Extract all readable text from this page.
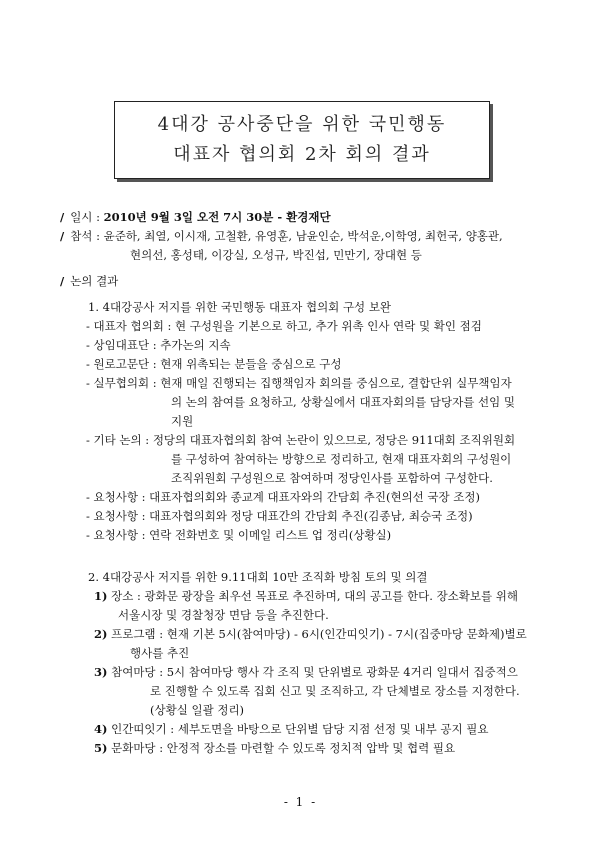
4대강 공사중단을 위한 국민행동
대표자 협의회 2차 회의 결과
/ 일시 : 2010년 9월 3일 오전 7시 30분 - 환경재단
/ 참석 : 윤준하, 최열, 이시재, 고철환, 유영훈, 남윤인순, 박석운,이학영, 최헌국, 양홍관,
현의선, 홍성태, 이강실, 오성규, 박진섭, 민만기, 장대현 등
/ 논의 결과
1. 4대강공사 저지를 위한 국민행동 대표자 협의회 구성 보완
- 대표자 협의회 : 현 구성원을 기본으로 하고, 추가 위촉 인사 연락 및 확인 점검
- 상임대표단 : 추가논의 지속
- 원로고문단 : 현재 위촉되는 분들을 중심으로 구성
- 실무협의회 : 현재 매일 진행되는 집행책임자 회의를 중심으로, 결합단위 실무책임자
의 논의 참여를 요청하고, 상황실에서 대표자회의를 담당자를 선임 및
지원
- 기타 논의 : 정당의 대표자협의회 참여 논란이 있으므로, 정당은 911대회 조직위원회
를 구성하여 참여하는 방향으로 정리하고, 현재 대표자회의 구성원이
조직위원회 구성원으로 참여하며 정당인사를 포함하여 구성한다.
- 요청사항 : 대표자협의회와 종교계 대표자와의 간담회 추진(현의선 국장 조정)
- 요청사항 : 대표자협의회와 정당 대표간의 간담회 추진(김종남, 최승국 조정)
- 요청사항 : 연락 전화번호 및 이메일 리스트 업 정리(상황실)
2. 4대강공사 저지를 위한 9.11대회 10만 조직화 방침 토의 및 의결
1) 장소 : 광화문 광장을 최우선 목표로 추진하며, 대의 공고를 한다. 장소확보를 위해
서울시장 및 경찰청장 면담 등을 추진한다.
2) 프로그램 : 현재 기본 5시(참여마당) - 6시(인간띠잇기) - 7시(집중마당 문화제)별로
행사를 추진
3) 참여마당 : 5시 참여마당 행사 각 조직 및 단위별로 광화문 4거리 일대서 집중적으
로 진행할 수 있도록 집회 신고 및 조직하고, 각 단체별로 장소를 지정한다.
(상황실 일괄 정리)
4) 인간띠잇기 : 세부도면을 바탕으로 단위별 담당 지점 선정 및 내부 공지 필요
5) 문화마당 : 안정적 장소를 마련할 수 있도록 정치적 압박 및 협력 필요
- 1 -
